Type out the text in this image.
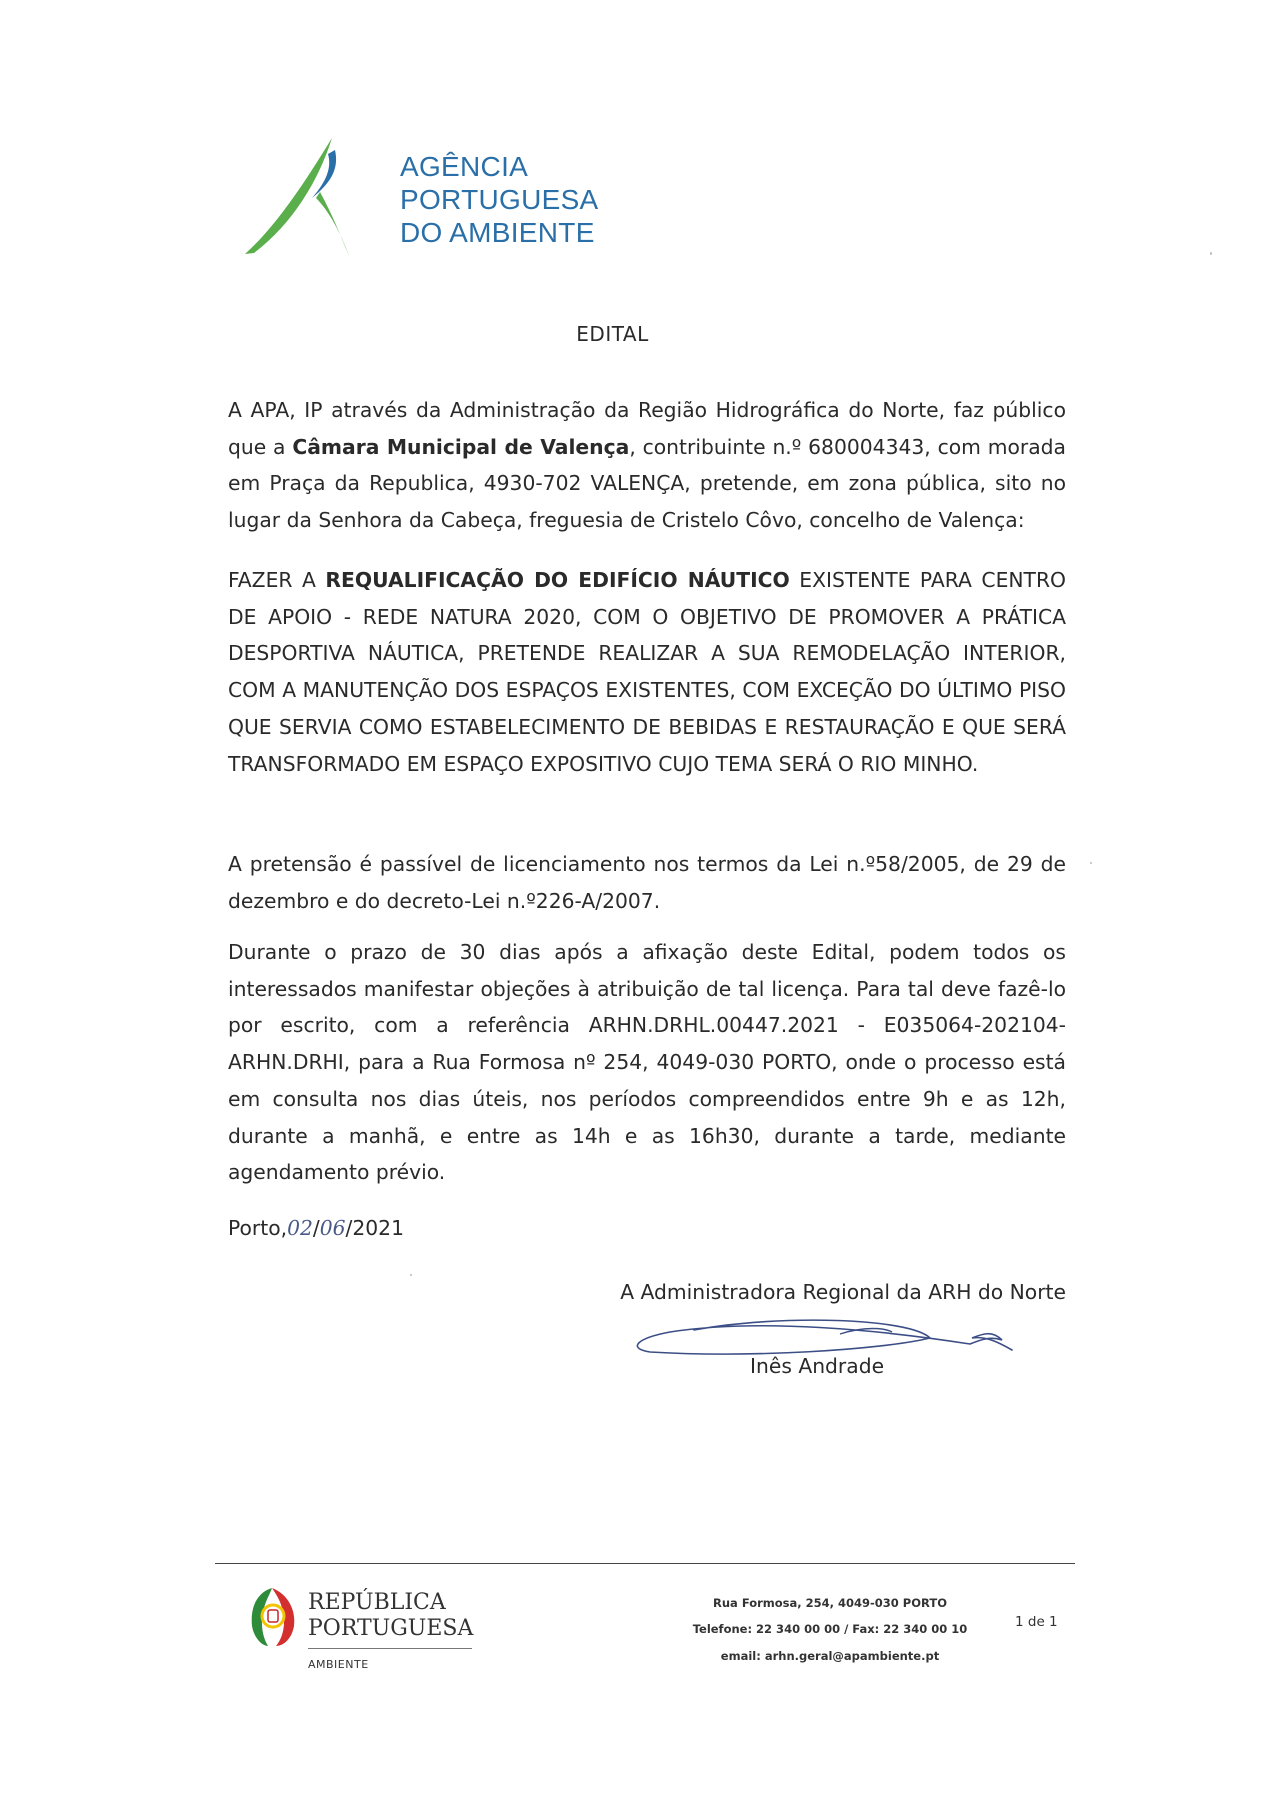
AGÊNCIA
PORTUGUESA
DO AMBIENTE
EDITAL
A APA, IP através da Administração da Região Hidrográfica do Norte, faz público que a Câmara Municipal de Valença, contribuinte n.º 680004343, com morada em Praça da Republica, 4930-702 VALENÇA, pretende, em zona pública, sito no lugar da Senhora da Cabeça, freguesia de Cristelo Côvo, concelho de Valença:
FAZER A REQUALIFICAÇÃO DO EDIFÍCIO NÁUTICO EXISTENTE PARA CENTRO DE APOIO - REDE NATURA 2020, COM O OBJETIVO DE PROMOVER A PRÁTICA DESPORTIVA NÁUTICA, PRETENDE REALIZAR A SUA REMODELAÇÃO INTERIOR, COM A MANUTENÇÃO DOS ESPAÇOS EXISTENTES, COM EXCEÇÃO DO ÚLTIMO PISO QUE SERVIA COMO ESTABELECIMENTO DE BEBIDAS E RESTAURAÇÃO E QUE SERÁ TRANSFORMADO EM ESPAÇO EXPOSITIVO CUJO TEMA SERÁ O RIO MINHO.
A pretensão é passível de licenciamento nos termos da Lei n.º58/2005, de 29 de dezembro e do decreto-Lei n.º226-A/2007.
Durante o prazo de 30 dias após a afixação deste Edital, podem todos os interessados manifestar objeções à atribuição de tal licença. Para tal deve fazê-lo por escrito, com a referência ARHN.DRHL.00447.2021 - E035064-202104-ARHN.DRHI, para a Rua Formosa nº 254, 4049-030 PORTO, onde o processo está em consulta nos dias úteis, nos períodos compreendidos entre 9h e as 12h, durante a manhã, e entre as 14h e as 16h30, durante a tarde, mediante agendamento prévio.
Porto,02/06/2021
A Administradora Regional da ARH do Norte
Inês Andrade
REPÚBLICA
PORTUGUESA
AMBIENTE
Rua Formosa, 254, 4049-030 PORTO
Telefone: 22 340 00 00 / Fax: 22 340 00 10
email: arhn.geral@apambiente.pt
1 de 1
